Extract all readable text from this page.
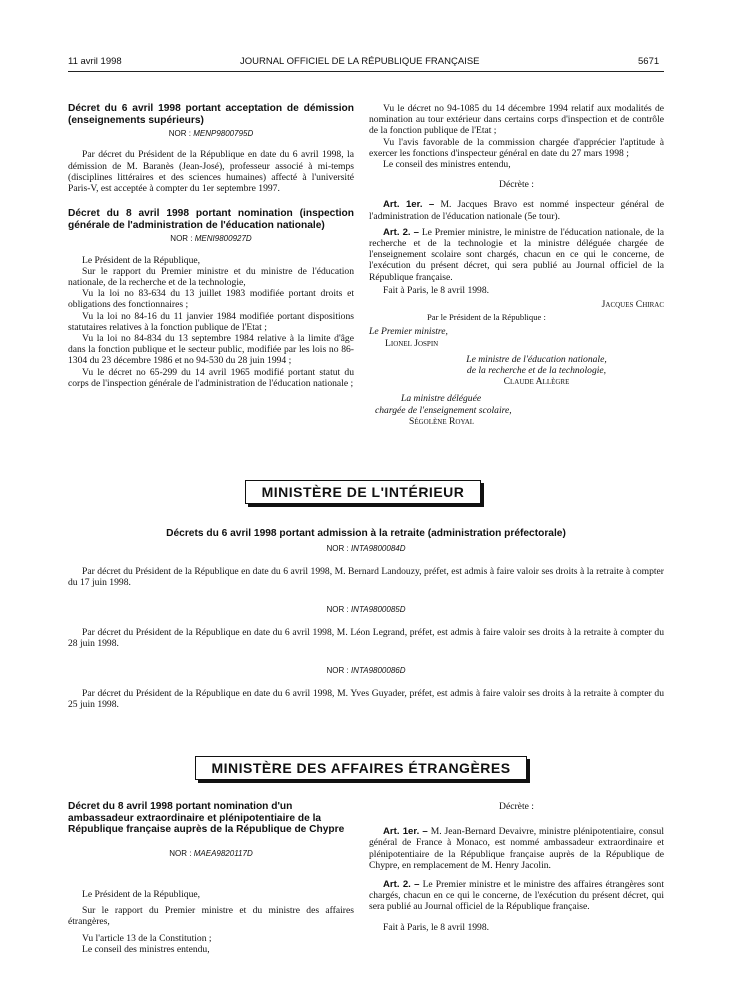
11 avril 1998	JOURNAL OFFICIEL DE LA RÉPUBLIQUE FRANÇAISE	5671

Décret du 6 avril 1998 portant acceptation de démission (enseignements supérieurs)

NOR : MENP9800795D

Par décret du Président de la République en date du 6 avril 1998, la démission de M. Baranès (Jean-José), professeur associé à mi-temps (disciplines littéraires et des sciences humaines) affecté à l'université Paris-V, est acceptée à compter du 1er septembre 1997.

Décret du 8 avril 1998 portant nomination (inspection générale de l'administration de l'éducation nationale)

NOR : MENI9800927D

Le Président de la République,

Sur le rapport du Premier ministre et du ministre de l'éducation nationale, de la recherche et de la technologie,

Vu la loi no 83-634 du 13 juillet 1983 modifiée portant droits et obligations des fonctionnaires ;

Vu la loi no 84-16 du 11 janvier 1984 modifiée portant dispositions statutaires relatives à la fonction publique de l'Etat ;

Vu la loi no 84-834 du 13 septembre 1984 relative à la limite d'âge dans la fonction publique et le secteur public, modifiée par les lois no 86-1304 du 23 décembre 1986 et no 94-530 du 28 juin 1994 ;

Vu le décret no 65-299 du 14 avril 1965 modifié portant statut du corps de l'inspection générale de l'administration de l'éducation nationale ;

Vu le décret no 94-1085 du 14 décembre 1994 relatif aux modalités de nomination au tour extérieur dans certains corps d'inspection et de contrôle de la fonction publique de l'Etat ;

Vu l'avis favorable de la commission chargée d'apprécier l'aptitude à exercer les fonctions d'inspecteur général en date du 27 mars 1998 ;

Le conseil des ministres entendu,

Décrète :

Art. 1er. – M. Jacques Bravo est nommé inspecteur général de l'administration de l'éducation nationale (5e tour).

Art. 2. – Le Premier ministre, le ministre de l'éducation nationale, de la recherche et de la technologie et la ministre déléguée chargée de l'enseignement scolaire sont chargés, chacun en ce qui le concerne, de l'exécution du présent décret, qui sera publié au Journal officiel de la République française.

Fait à Paris, le 8 avril 1998.

Jacques Chirac
Par le Président de la République :
Le Premier ministre,
Lionel Jospin
Le ministre de l'éducation nationale,
de la recherche et de la technologie,
Claude Allègre
La ministre déléguée
chargée de l'enseignement scolaire,
Ségolène Royal
MINISTÈRE DE L'INTÉRIEUR
Décrets du 6 avril 1998 portant admission à la retraite (administration préfectorale)
NOR : INTA9800084D

Par décret du Président de la République en date du 6 avril 1998, M. Bernard Landouzy, préfet, est admis à faire valoir ses droits à la retraite à compter du 17 juin 1998.

NOR : INTA9800085D

Par décret du Président de la République en date du 6 avril 1998, M. Léon Legrand, préfet, est admis à faire valoir ses droits à la retraite à compter du 28 juin 1998.

NOR : INTA9800086D

Par décret du Président de la République en date du 6 avril 1998, M. Yves Guyader, préfet, est admis à faire valoir ses droits à la retraite à compter du 25 juin 1998.

MINISTÈRE DES AFFAIRES ÉTRANGÈRES

Décret du 8 avril 1998 portant nomination d'un ambassadeur extraordinaire et plénipotentiaire de la République française auprès de la République de Chypre

NOR : MAEA9820117D

Le Président de la République,

Sur le rapport du Premier ministre et du ministre des affaires étrangères,

Vu l'article 13 de la Constitution ;

Le conseil des ministres entendu,

Décrète :

Art. 1er. – M. Jean-Bernard Devaivre, ministre plénipotentiaire, consul général de France à Monaco, est nommé ambassadeur extraordinaire et plénipotentiaire de la République française auprès de la République de Chypre, en remplacement de M. Henry Jacolin.

Art. 2. – Le Premier ministre et le ministre des affaires étrangères sont chargés, chacun en ce qui le concerne, de l'exécution du présent décret, qui sera publié au Journal officiel de la République française.

Fait à Paris, le 8 avril 1998.
